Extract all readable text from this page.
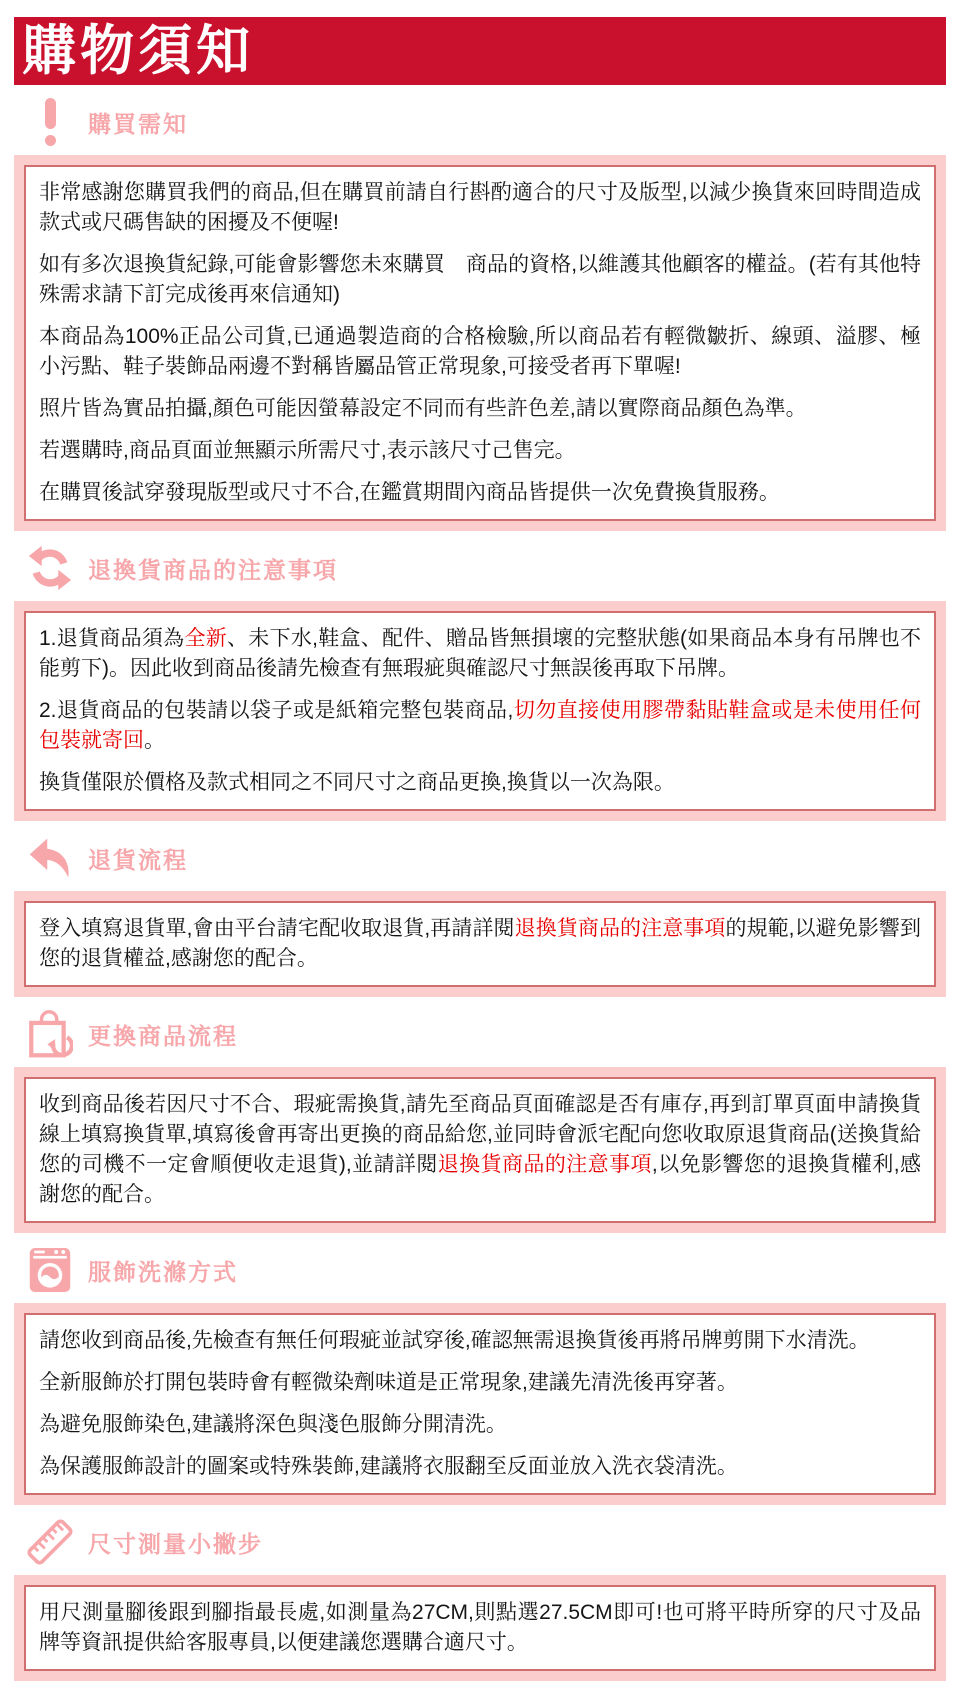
購物須知
購買需知

非常感謝您購買我們的商品,但在購買前請自行斟酌適合的尺寸及版型,以減少換貨來回時間造成款式或尺碼售缺的困擾及不便喔!

如有多次退換貨紀錄,可能會影響您未來購買　商品的資格,以維護其他顧客的權益。(若有其他特殊需求請下訂完成後再來信通知)

本商品為100%正品公司貨,已通過製造商的合格檢驗,所以商品若有輕微皺折、線頭、溢膠、極小污點、鞋子裝飾品兩邊不對稱皆屬品管正常現象,可接受者再下單喔!

照片皆為實品拍攝,顏色可能因螢幕設定不同而有些許色差,請以實際商品顏色為準。

若選購時,商品頁面並無顯示所需尺寸,表示該尺寸己售完。

在購買後試穿發現版型或尺寸不合,在鑑賞期間內商品皆提供一次免費換貨服務。

退換貨商品的注意事項

1.退貨商品須為全新、未下水,鞋盒、配件、贈品皆無損壞的完整狀態(如果商品本身有吊牌也不能剪下)。因此收到商品後請先檢查有無瑕疵與確認尺寸無誤後再取下吊牌。

2.退貨商品的包裝請以袋子或是紙箱完整包裝商品,切勿直接使用膠帶黏貼鞋盒或是未使用任何包裝就寄回。

換貨僅限於價格及款式相同之不同尺寸之商品更換,換貨以一次為限。

退貨流程

登入填寫退貨單,會由平台請宅配收取退貨,再請詳閱退換貨商品的注意事項的規範,以避免影響到您的退貨權益,感謝您的配合。

更換商品流程

收到商品後若因尺寸不合、瑕疵需換貨,請先至商品頁面確認是否有庫存,再到訂單頁面申請換貨線上填寫換貨單,填寫後會再寄出更換的商品給您,並同時會派宅配向您收取原退貨商品(送換貨給您的司機不一定會順便收走退貨),並請詳閱退換貨商品的注意事項,以免影響您的退換貨權利,感謝您的配合。

服飾洗滌方式

請您收到商品後,先檢查有無任何瑕疵並試穿後,確認無需退換貨後再將吊牌剪開下水清洗。

全新服飾於打開包裝時會有輕微染劑味道是正常現象,建議先清洗後再穿著。

為避免服飾染色,建議將深色與淺色服飾分開清洗。

為保護服飾設計的圖案或特殊裝飾,建議將衣服翻至反面並放入洗衣袋清洗。

尺寸測量小撇步

用尺測量腳後跟到腳指最長處,如測量為27CM,則點選27.5CM即可!也可將平時所穿的尺寸及品牌等資訊提供給客服專員,以便建議您選購合適尺寸。
